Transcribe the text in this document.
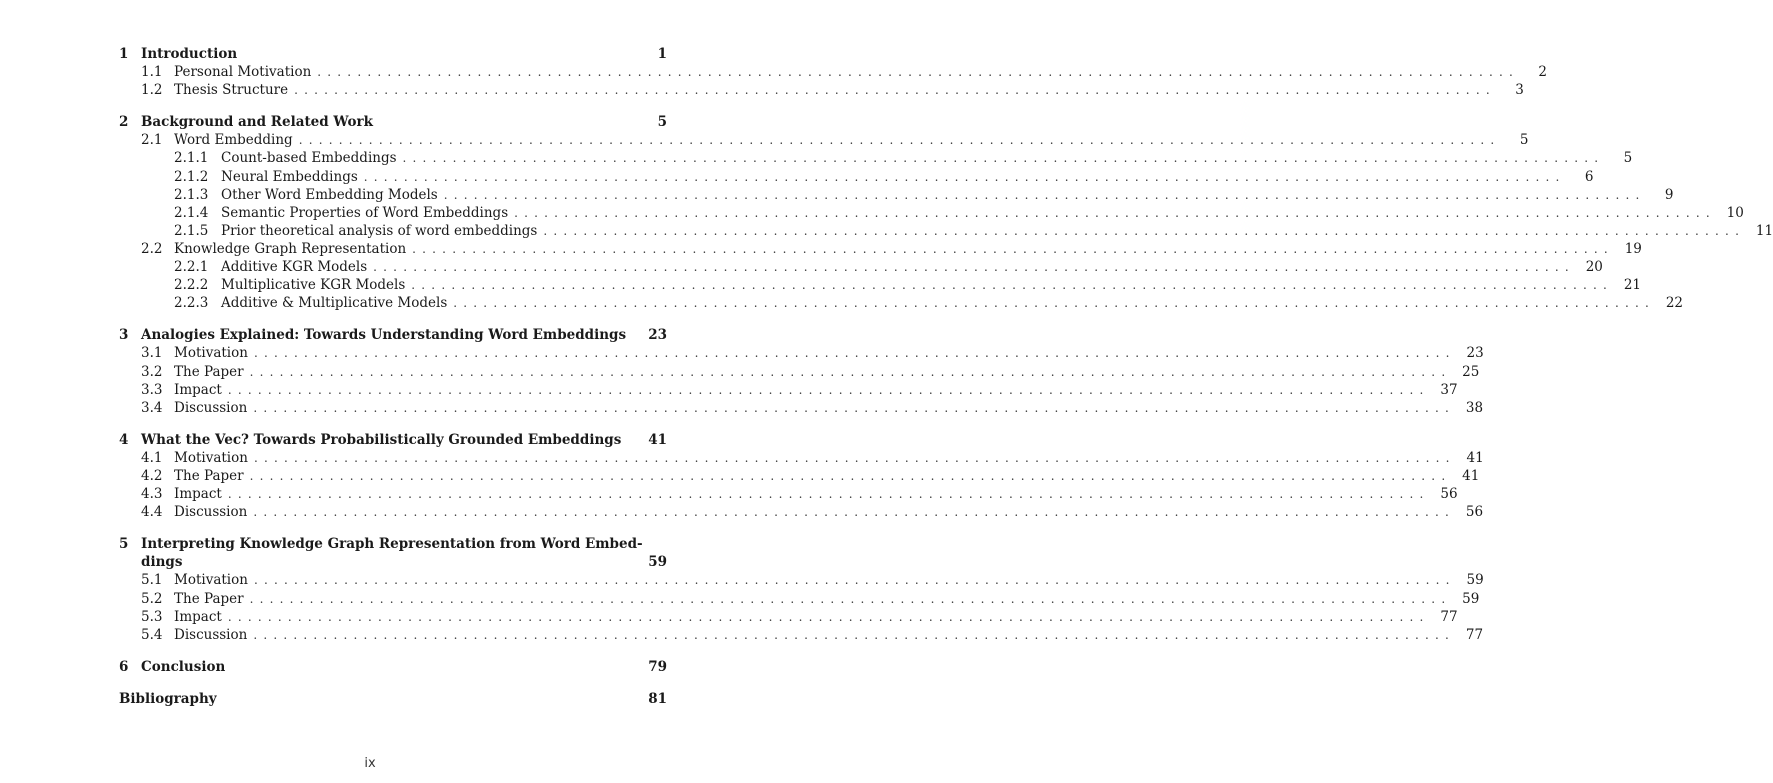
1 Introduction	1
1.1 Personal Motivation ........................................................................................................................	2
1.2 Thesis Structure ........................................................................................................................	3
2 Background and Related Work	5
2.1 Word Embedding ........................................................................................................................	5
2.1.1 Count-based Embeddings ........................................................................................................................	5
2.1.2 Neural Embeddings ........................................................................................................................	6
2.1.3 Other Word Embedding Models ........................................................................................................................	9
2.1.4 Semantic Properties of Word Embeddings ........................................................................................................................ 10
2.1.5 Prior theoretical analysis of word embeddings ........................................................................................................................ 11
2.2 Knowledge Graph Representation ........................................................................................................................ 19
2.2.1 Additive KGR Models ........................................................................................................................ 20
2.2.2 Multiplicative KGR Models ........................................................................................................................ 21
2.2.3 Additive & Multiplicative Models ........................................................................................................................ 22
3 Analogies Explained: Towards Understanding Word Embeddings	23
3.1 Motivation ........................................................................................................................ 23
3.2 The Paper ........................................................................................................................ 25
3.3 Impact ........................................................................................................................ 37
3.4 Discussion ........................................................................................................................ 38
4 What the Vec? Towards Probabilistically Grounded Embeddings	41
4.1 Motivation ........................................................................................................................ 41
4.2 The Paper ........................................................................................................................ 41
4.3 Impact ........................................................................................................................ 56
4.4 Discussion ........................................................................................................................ 56
5 Interpreting Knowledge Graph Representation from Word Embed-
dings	59
5.1 Motivation ........................................................................................................................ 59
5.2 The Paper ........................................................................................................................ 59
5.3 Impact ........................................................................................................................ 77
5.4 Discussion ........................................................................................................................ 77
6 Conclusion	79
Bibliography	81
ix
